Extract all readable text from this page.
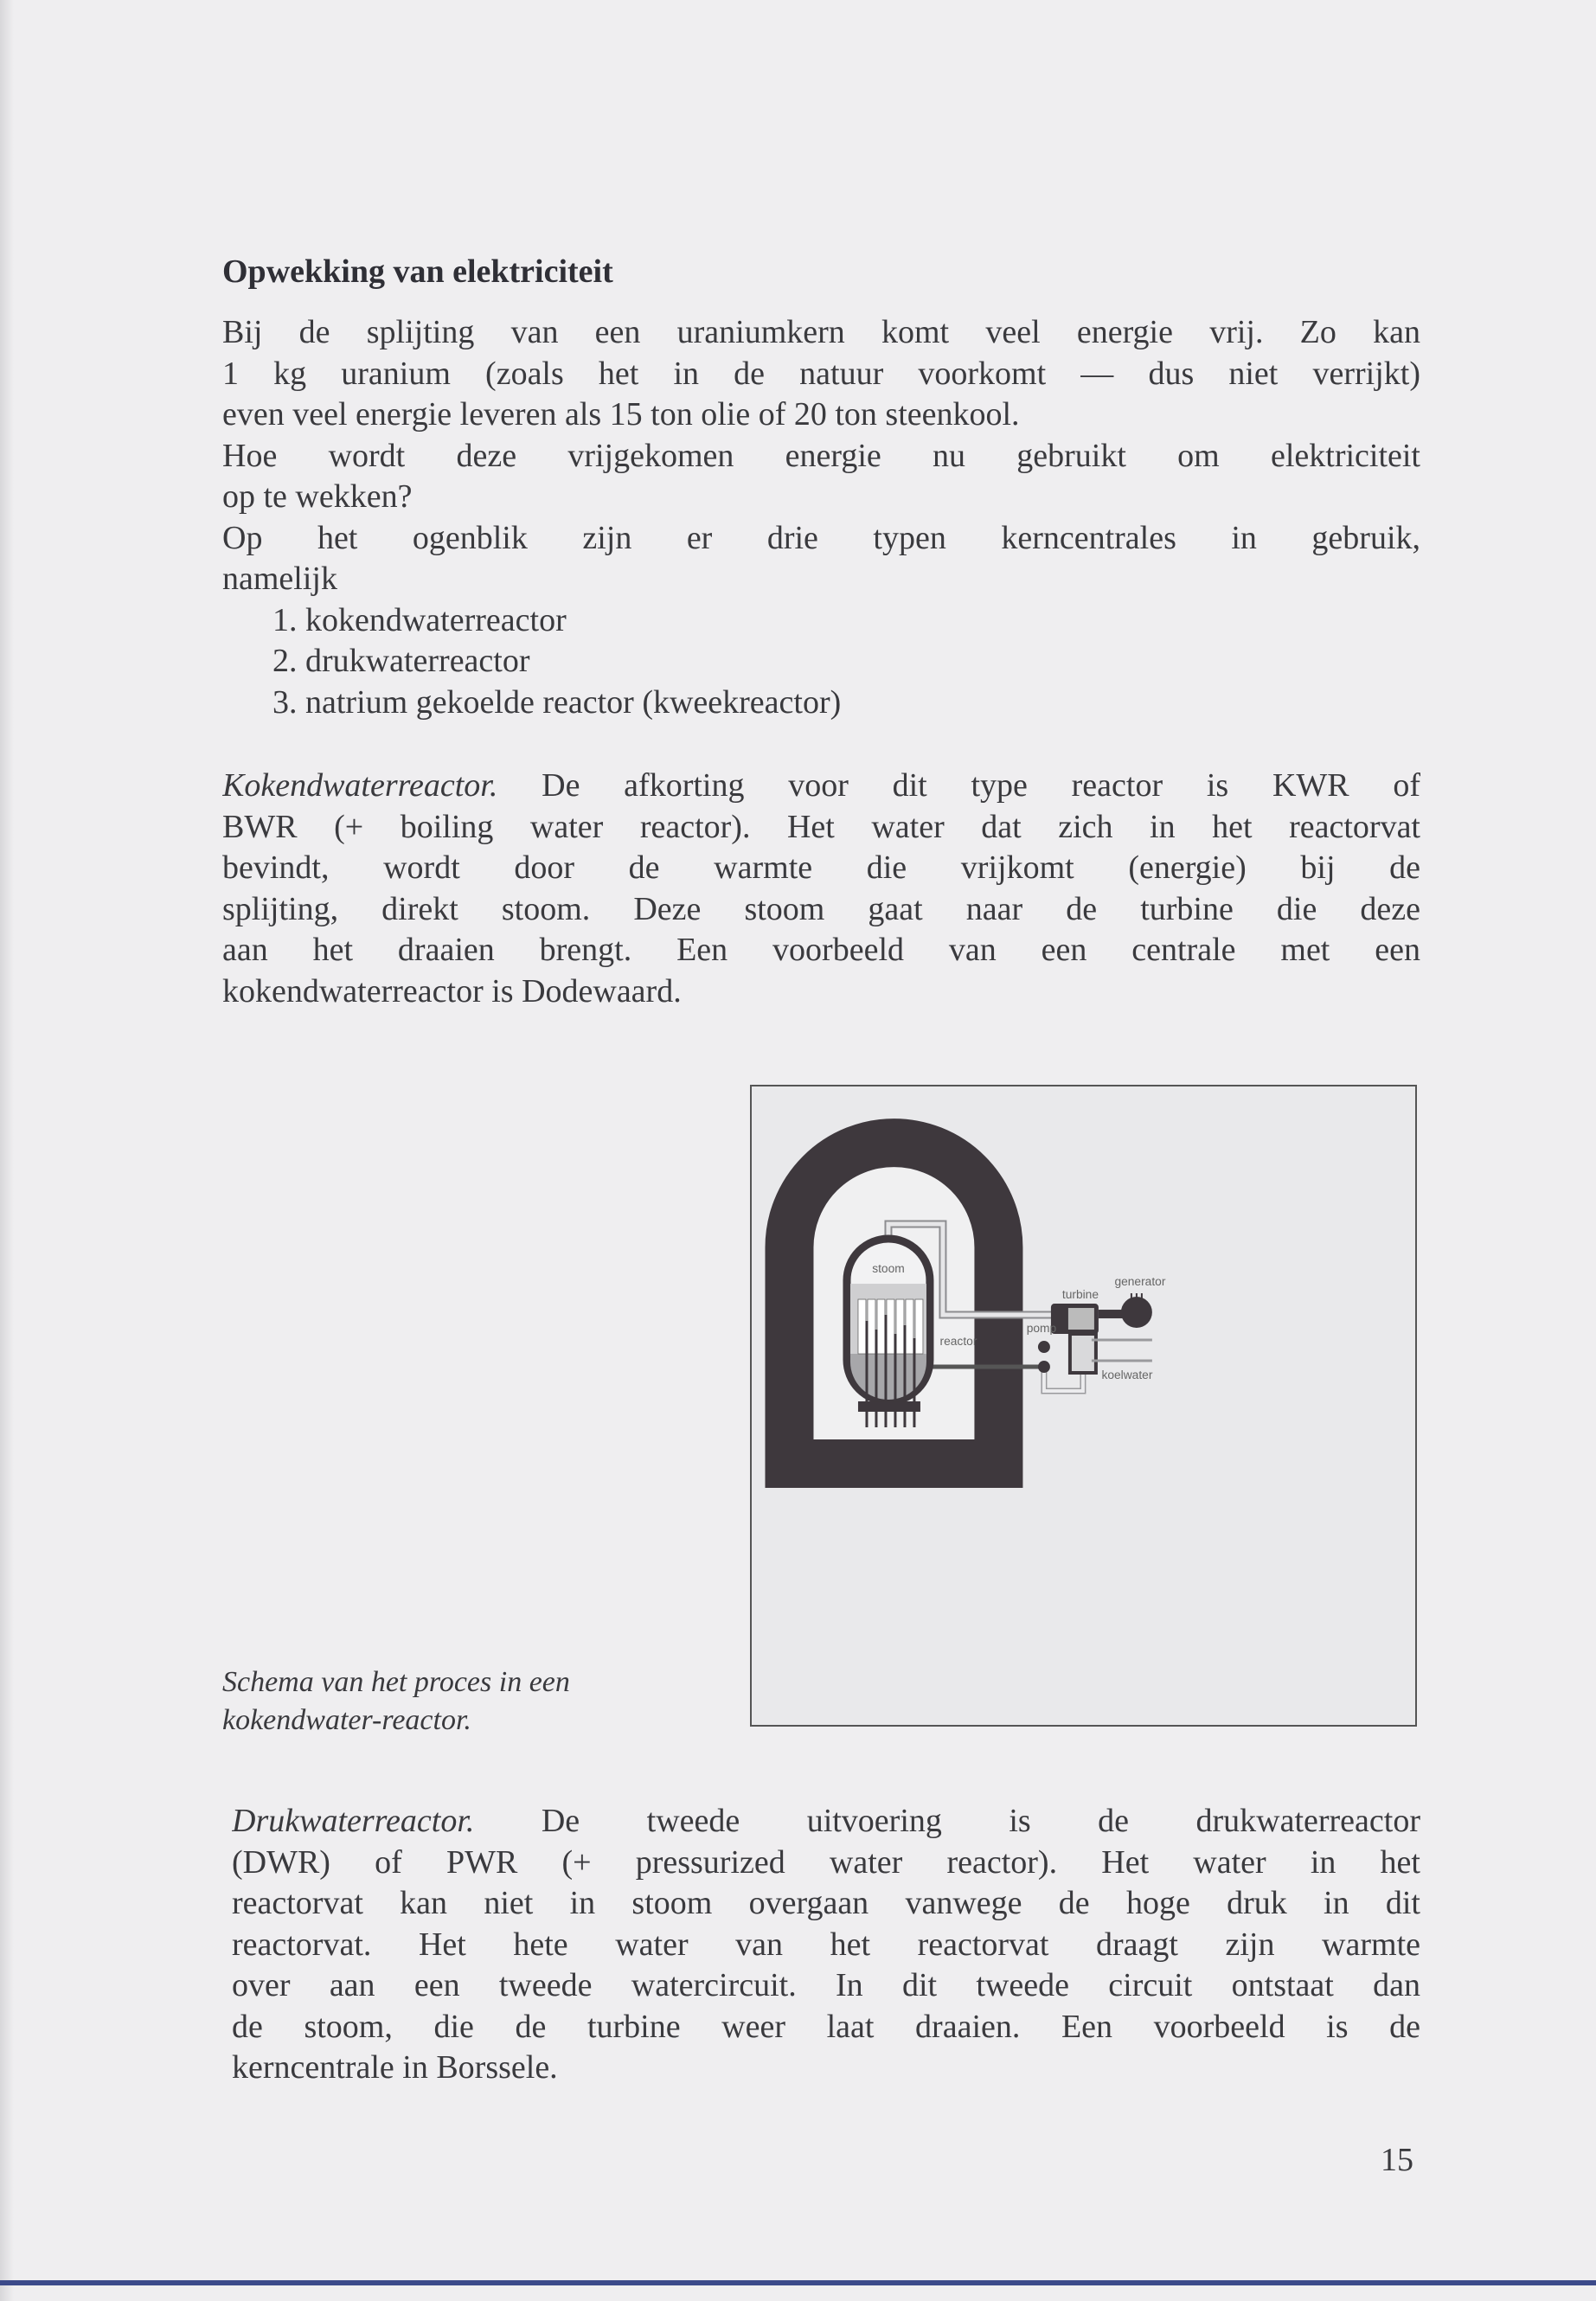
Opwekking van elektriciteit
Bij de splijting van een uraniumkern komt veel energie vrij. Zo kan
1 kg uranium (zoals het in de natuur voorkomt — dus niet verrijkt)
even veel energie leveren als 15 ton olie of 20 ton steenkool.
Hoe wordt deze vrijgekomen energie nu gebruikt om elektriciteit
op te wekken?
Op het ogenblik zijn er drie typen kerncentrales in gebruik,
namelijk
1. kokendwaterreactor
2. drukwaterreactor
3. natrium gekoelde reactor (kweekreactor)
Kokendwaterreactor. De afkorting voor dit type reactor is KWR of
BWR (+ boiling water reactor). Het water dat zich in het reactorvat
bevindt, wordt door de warmte die vrijkomt (energie) bij de
splijting, direkt stoom. Deze stoom gaat naar de turbine die deze
aan het draaien brengt. Een voorbeeld van een centrale met een
kokendwaterreactor is Dodewaard.
stoom
reactor
pomp
turbine
generator
koelwater
Schema van het proces in een
kokendwater-reactor.
Drukwaterreactor. De tweede uitvoering is de drukwaterreactor
(DWR) of PWR (+ pressurized water reactor). Het water in het
reactorvat kan niet in stoom overgaan vanwege de hoge druk in dit
reactorvat. Het hete water van het reactorvat draagt zijn warmte
over aan een tweede watercircuit. In dit tweede circuit ontstaat dan
de stoom, die de turbine weer laat draaien. Een voorbeeld is de
kerncentrale in Borssele.
15
